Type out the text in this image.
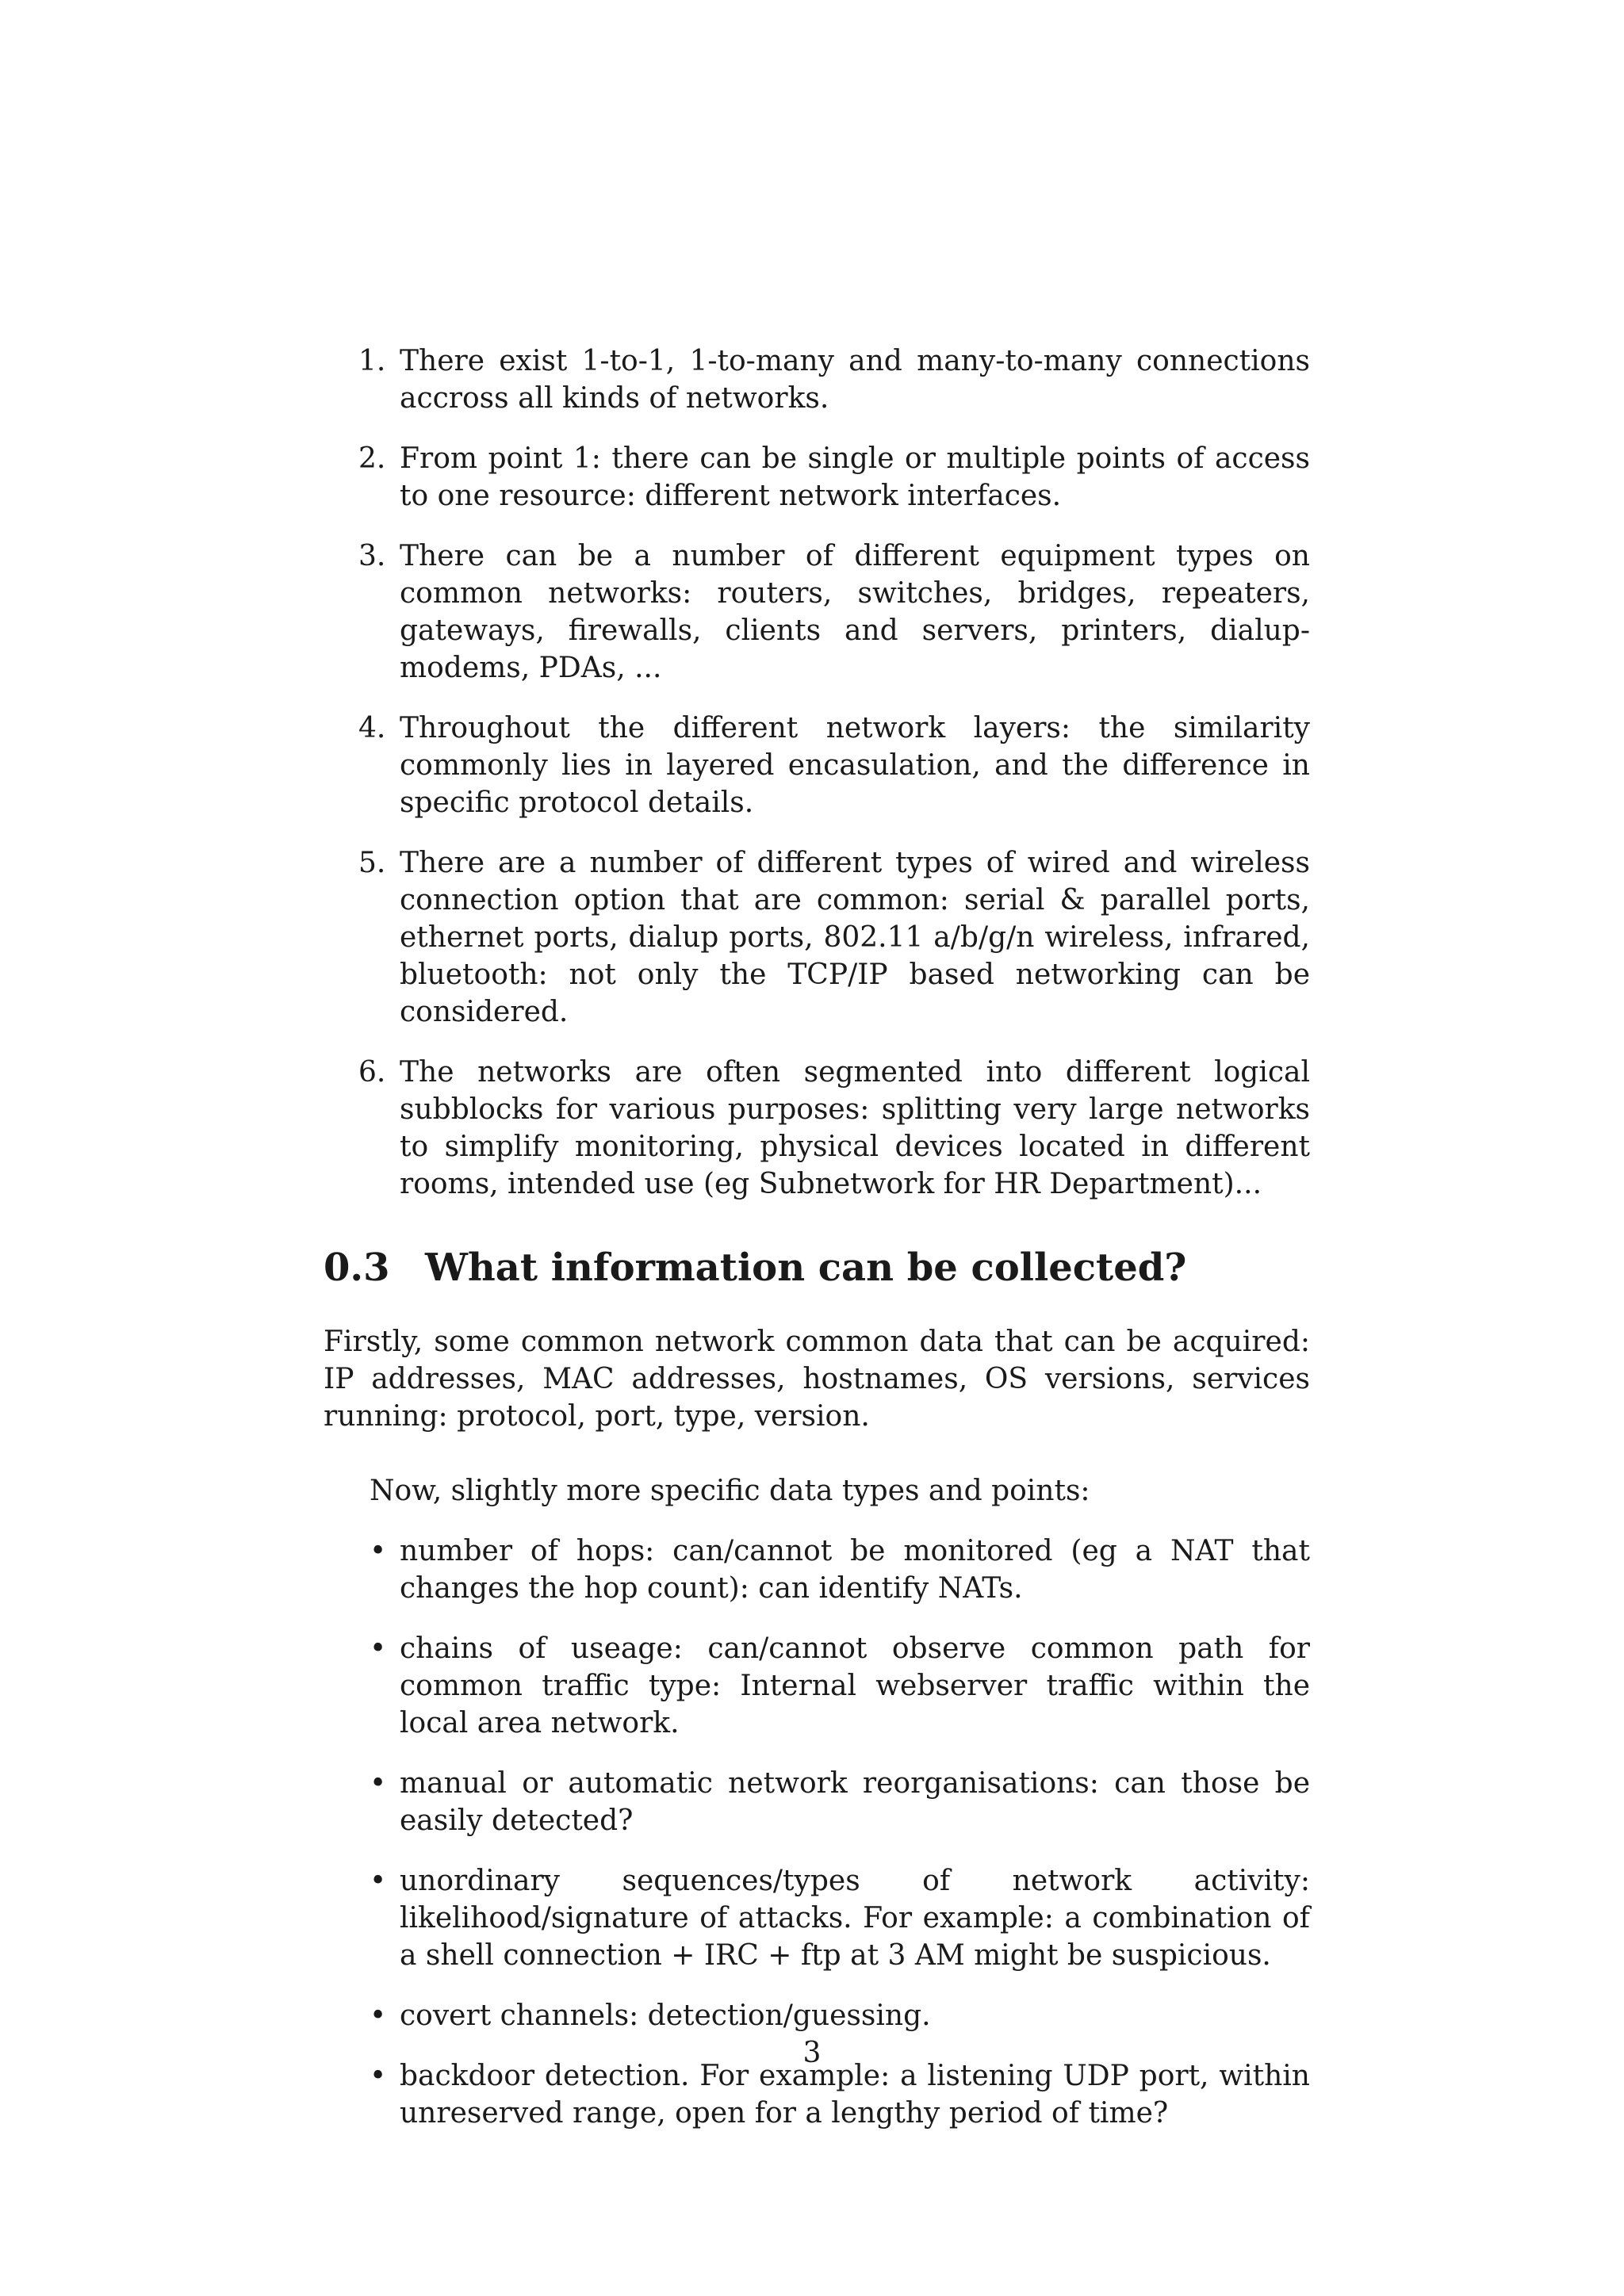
1. There exist 1-to-1, 1-to-many and many-to-many connections accross all kinds of networks.
2. From point 1: there can be single or multiple points of access to one resource: different network interfaces.
3. There can be a number of different equipment types on common networks: routers, switches, bridges, repeaters, gateways, firewalls, clients and servers, printers, dialup-modems, PDAs, ...
4. Throughout the different network layers: the similarity commonly lies in layered encasulation, and the difference in specific protocol details.
5. There are a number of different types of wired and wireless connection option that are common: serial & parallel ports, ethernet ports, dialup ports, 802.11 a/b/g/n wireless, infrared, bluetooth: not only the TCP/IP based networking can be considered.
6. The networks are often segmented into different logical subblocks for various purposes: splitting very large networks to simplify monitoring, physical devices located in different rooms, intended use (eg Subnetwork for HR Department)...
0.3 What information can be collected?

Firstly, some common network common data that can be acquired: IP addresses, MAC addresses, hostnames, OS versions, services running: protocol, port, type, version.

Now, slightly more specific data types and points:

• number of hops: can/cannot be monitored (eg a NAT that changes the hop count): can identify NATs.
• chains of useage: can/cannot observe common path for common traffic type: Internal webserver traffic within the local area network.
• manual or automatic network reorganisations: can those be easily detected?
• unordinary sequences/types of network activity: likelihood/signature of attacks. For example: a combination of a shell connection + IRC + ftp at 3 AM might be suspicious.
• covert channels: detection/guessing.
• backdoor detection. For example: a listening UDP port, within unreserved range, open for a lengthy period of time?
3
